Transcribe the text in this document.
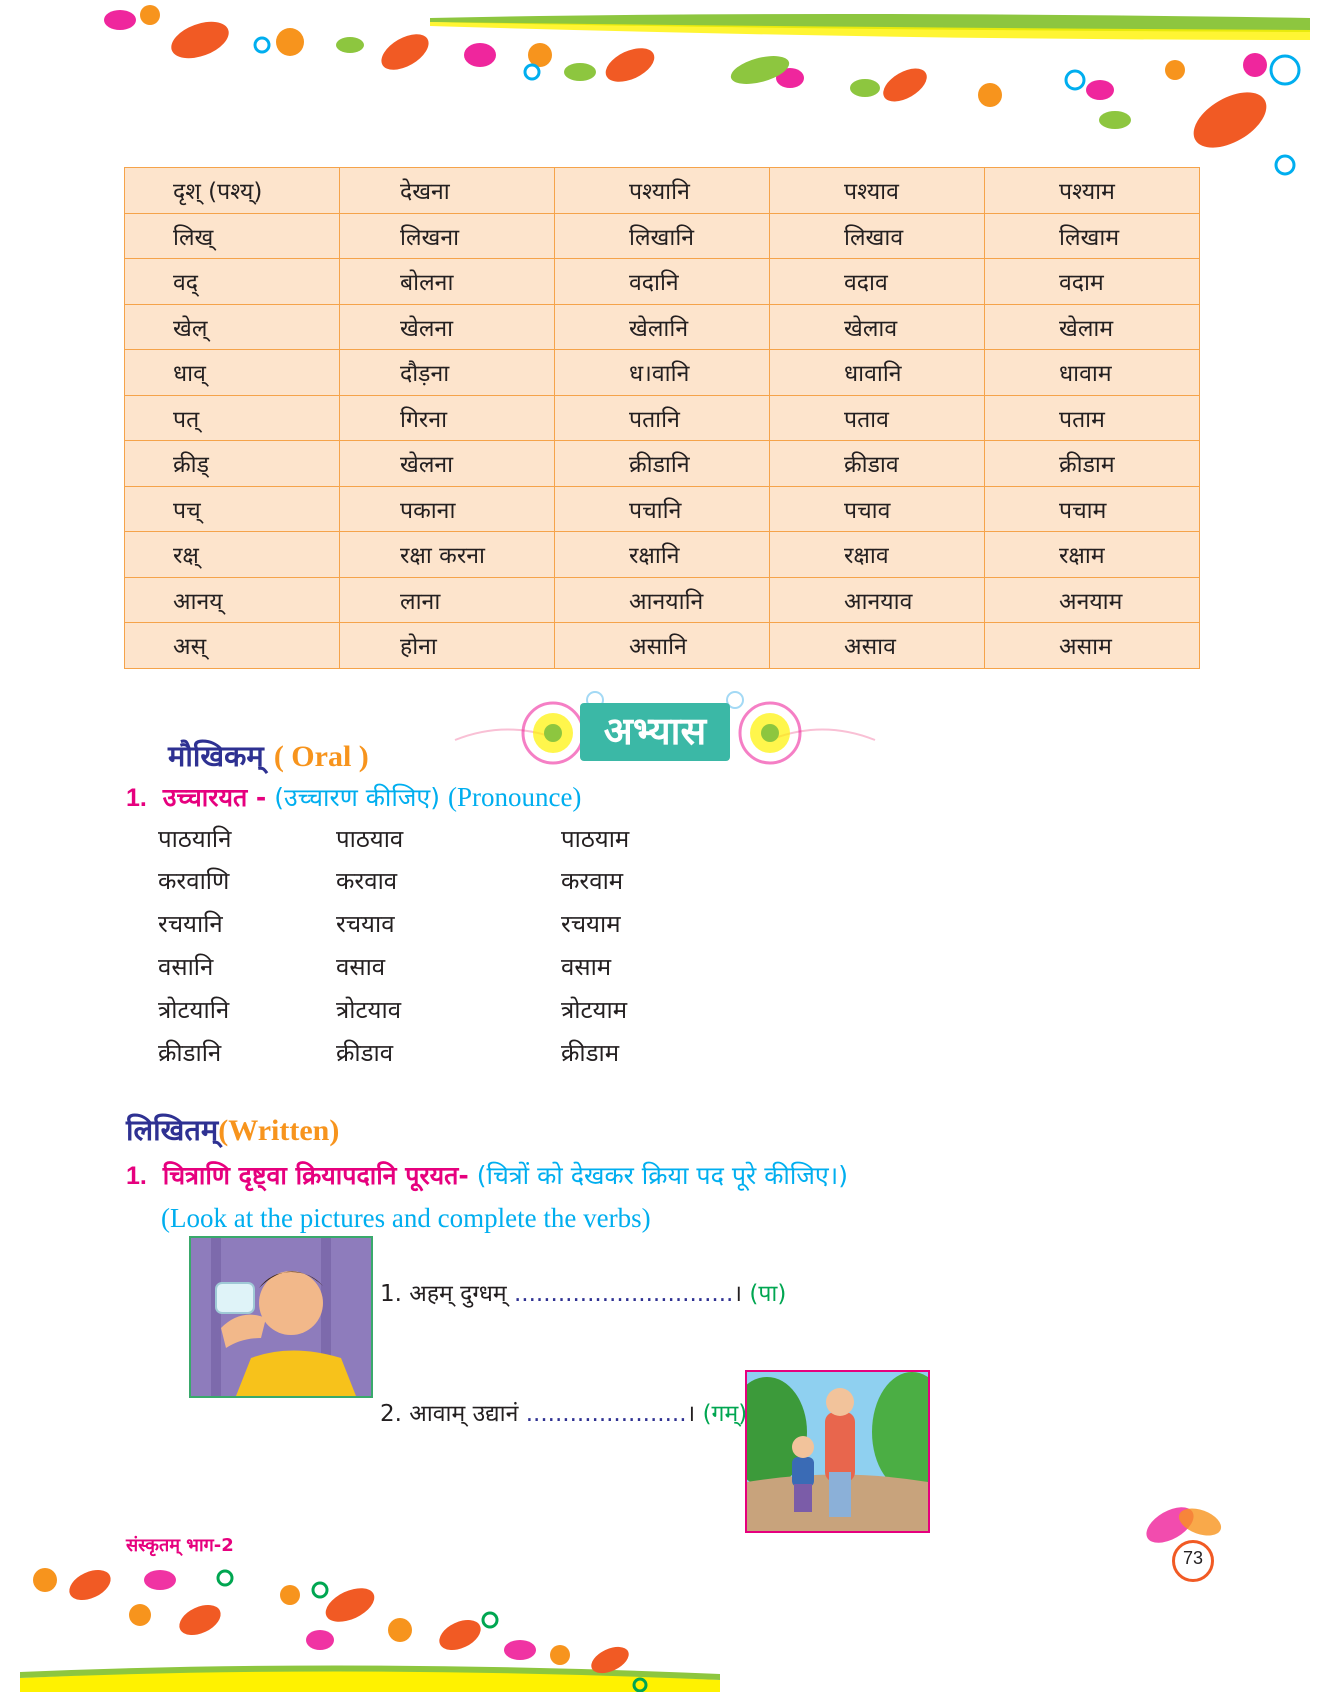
दृश् (पश्य्)	देखना	पश्यानि	पश्याव	पश्याम
लिख्	लिखना	लिखानि	लिखाव	लिखाम
वद्	बोलना	वदानि	वदाव	वदाम
खेल्	खेलना	खेलानि	खेलाव	खेलाम
धाव्	दौड़ना	ध।वानि	धावानि	धावाम
पत्	गिरना	पतानि	पताव	पताम
क्रीड्	खेलना	क्रीडानि	क्रीडाव	क्रीडाम
पच्	पकाना	पचानि	पचाव	पचाम
रक्ष्	रक्षा करना	रक्षानि	रक्षाव	रक्षाम
आनय्	लाना	आनयानि	आनयाव	अनयाम
अस्	होना	असानि	असाव	असाम
अभ्यास
मौखिकम् ( Oral )
1. उच्चारयत - (उच्चारण कीजिए) (Pronounce)
पाठयानि	पाठयाव	पाठयाम
करवाणि	करवाव	करवाम
रचयानि	रचयाव	रचयाम
वसानि	वसाव	वसाम
त्रोटयानि	त्रोटयाव	त्रोटयाम
क्रीडानि	क्रीडाव	क्रीडाम
लिखितम्(Written)
1. चित्राणि दृष्ट्वा क्रियापदानि पूरयत- (चित्रों को देखकर क्रिया पद पूरे कीजिए।)
(Look at the pictures and complete the verbs)
1. अहम् दुग्धम् ..............................। (पा)
2. आवाम् उद्यानं ......................। (गम्)
संस्कृतम् भाग-2
73
